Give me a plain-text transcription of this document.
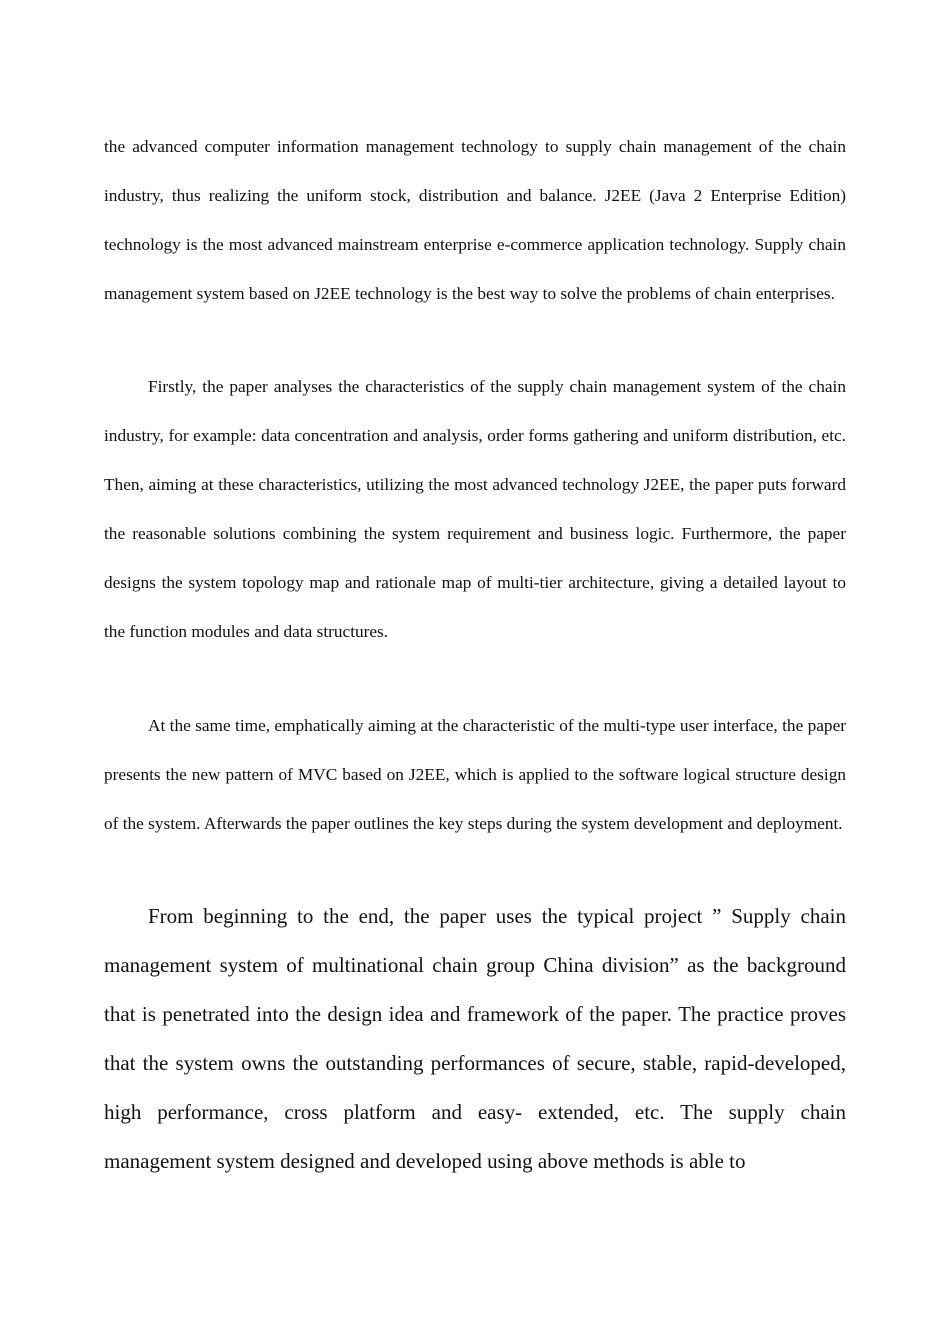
the advanced computer information management technology to supply chain management of the chain industry, thus realizing the uniform stock, distribution and balance. J2EE (Java 2 Enterprise Edition) technology is the most advanced mainstream enterprise e-commerce application technology. Supply chain management system based on J2EE technology is the best way to solve the problems of chain enterprises.

Firstly, the paper analyses the characteristics of the supply chain management system of the chain industry, for example: data concentration and analysis, order forms gathering and uniform distribution, etc. Then, aiming at these characteristics, utilizing the most advanced technology J2EE, the paper puts forward the reasonable solutions combining the system requirement and business logic. Furthermore, the paper designs the system topology map and rationale map of multi-tier architecture, giving a detailed layout to the function modules and data structures.

At the same time, emphatically aiming at the characteristic of the multi-type user interface, the paper presents the new pattern of MVC based on J2EE, which is applied to the software logical structure design of the system. Afterwards the paper outlines the key steps during the system development and deployment.

From beginning to the end, the paper uses the typical project ” Supply chain management system of multinational chain group China division” as the background that is penetrated into the design idea and framework of the paper. The practice proves that the system owns the outstanding performances of secure, stable, rapid-developed, high performance, cross platform and easy- extended, etc. The supply chain management system designed and developed using above methods is able to
